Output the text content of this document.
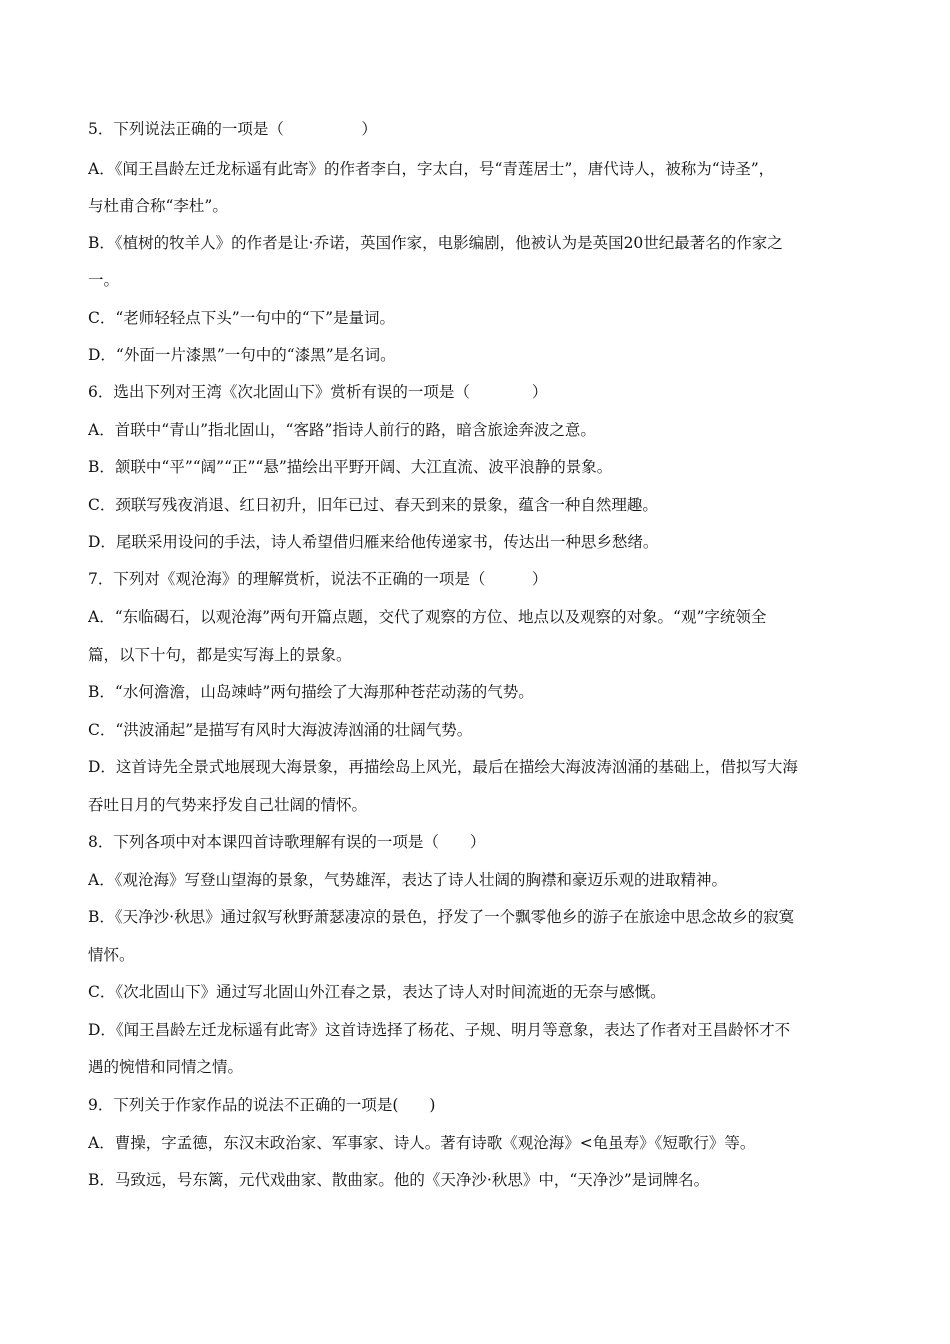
5．下列说法正确的一项是（　　　　　）
A．《闻王昌龄左迁龙标遥有此寄》的作者李白，字太白，号“青莲居士”，唐代诗人，被称为“诗圣”，
与杜甫合称“李杜”。
B．《植树的牧羊人》的作者是让·乔诺，英国作家，电影编剧，他被认为是英国20世纪最著名的作家之
一。
C．“老师轻轻点下头”一句中的“下”是量词。
D．“外面一片漆黑”一句中的“漆黑”是名词。
6．选出下列对王湾《次北固山下》赏析有误的一项是（　　　　）
A．首联中“青山”指北固山，“客路”指诗人前行的路，暗含旅途奔波之意。
B．颔联中“平”“阔”“正”“悬”描绘出平野开阔、大江直流、波平浪静的景象。
C．颈联写残夜消退、红日初升，旧年已过、春天到来的景象，蕴含一种自然理趣。
D．尾联采用设问的手法，诗人希望借归雁来给他传递家书，传达出一种思乡愁绪。
7．下列对《观沧海》的理解赏析，说法不正确的一项是（　　　）
A．“东临碣石，以观沧海”两句开篇点题，交代了观察的方位、地点以及观察的对象。“观”字统领全
篇，以下十句，都是实写海上的景象。
B．“水何澹澹，山岛竦峙”两句描绘了大海那种苍茫动荡的气势。
C．“洪波涌起”是描写有风时大海波涛汹涌的壮阔气势。
D．这首诗先全景式地展现大海景象，再描绘岛上风光，最后在描绘大海波涛汹涌的基础上，借拟写大海
吞吐日月的气势来抒发自己壮阔的情怀。
8．下列各项中对本课四首诗歌理解有误的一项是（　　）
A．《观沧海》写登山望海的景象，气势雄浑，表达了诗人壮阔的胸襟和豪迈乐观的进取精神。
B．《天净沙·秋思》通过叙写秋野萧瑟凄凉的景色，抒发了一个飘零他乡的游子在旅途中思念故乡的寂寞
情怀。
C．《次北固山下》通过写北固山外江春之景，表达了诗人对时间流逝的无奈与感慨。
D．《闻王昌龄左迁龙标遥有此寄》这首诗选择了杨花、子规、明月等意象，表达了作者对王昌龄怀才不
遇的惋惜和同情之情。
9．下列关于作家作品的说法不正确的一项是(　　)
A．曹操，字孟德，东汉末政治家、军事家、诗人。著有诗歌《观沧海》<龟虽寿》《短歌行》等。
B．马致远，号东篱，元代戏曲家、散曲家。他的《天净沙·秋思》中，“天净沙”是词牌名。
